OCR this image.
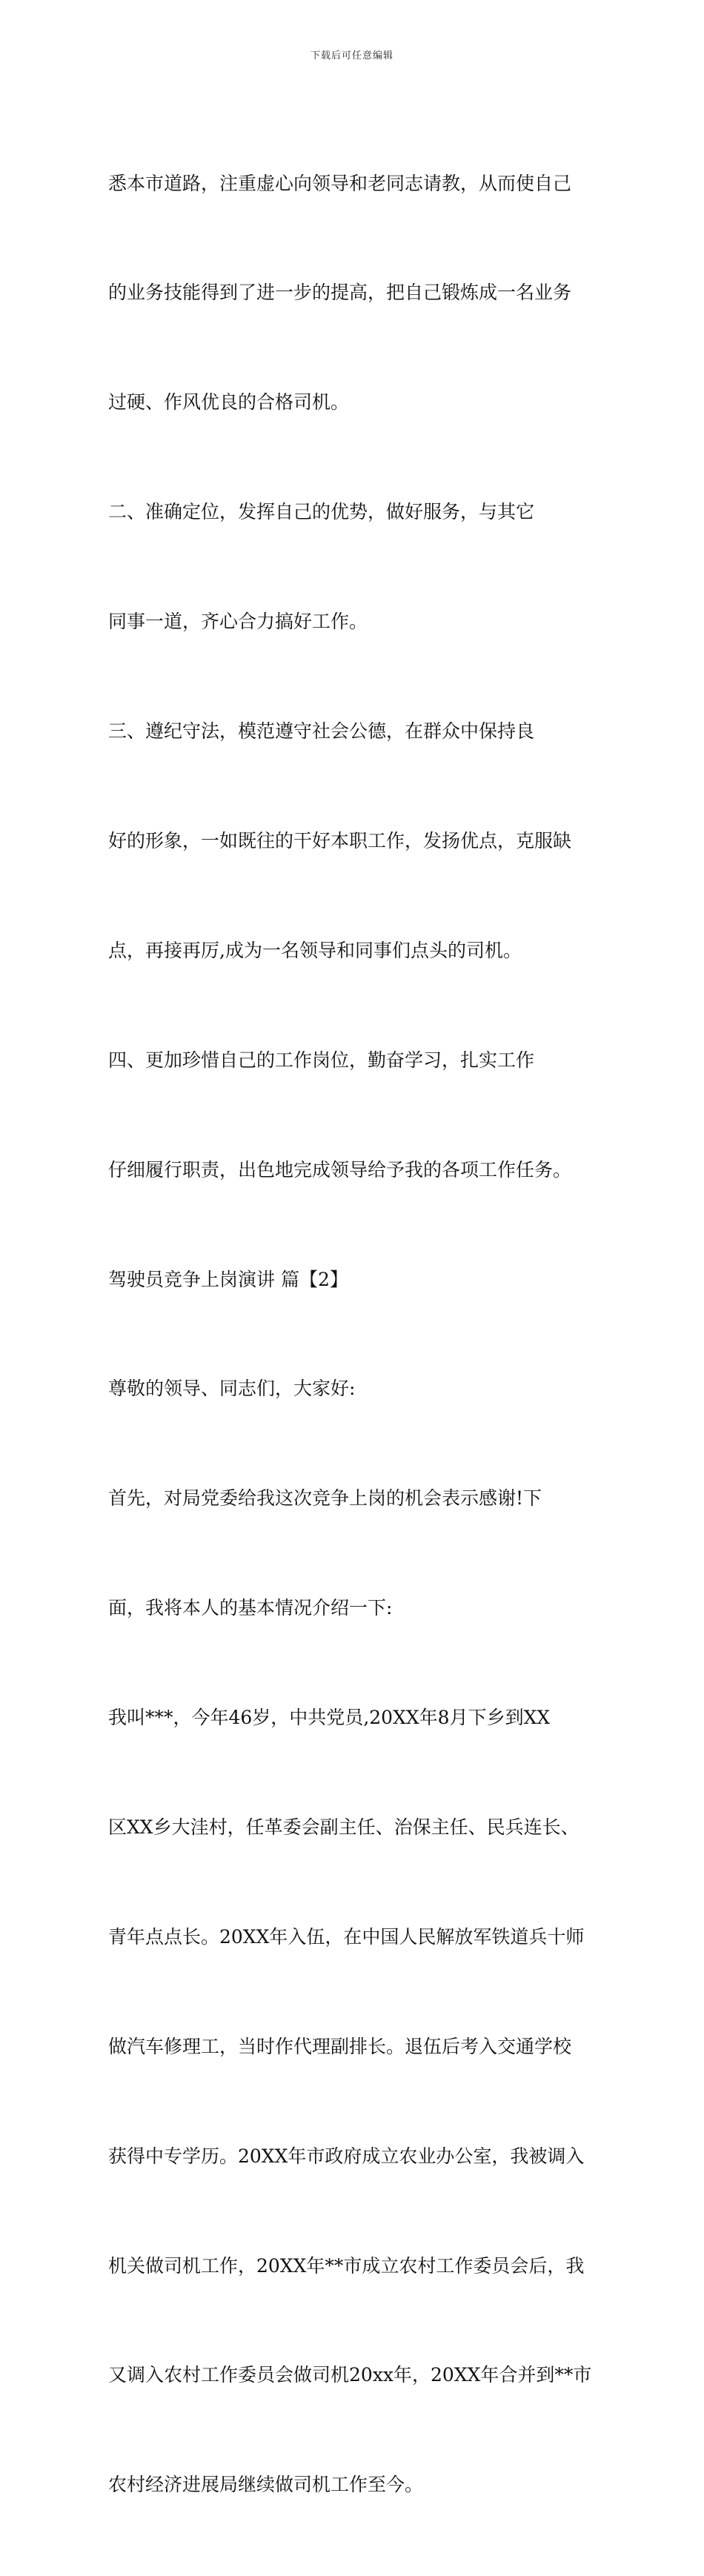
下载后可任意编辑

悉本市道路，注重虚心向领导和老同志请教，从而使自己

的业务技能得到了进一步的提高，把自己锻炼成一名业务

过硬、作风优良的合格司机。

二、准确定位，发挥自己的优势，做好服务，与其它

同事一道，齐心合力搞好工作。

三、遵纪守法，模范遵守社会公德，在群众中保持良

好的形象，一如既往的干好本职工作，发扬优点，克服缺

点，再接再厉,成为一名领导和同事们点头的司机。

四、更加珍惜自己的工作岗位，勤奋学习，扎实工作

仔细履行职责，出色地完成领导给予我的各项工作任务。

驾驶员竞争上岗演讲 篇【2】

尊敬的领导、同志们，大家好:

首先，对局党委给我这次竞争上岗的机会表示感谢!下

面，我将本人的基本情况介绍一下:

我叫***，今年46岁，中共党员,20XX年8月下乡到XX

区XX乡大洼村，任革委会副主任、治保主任、民兵连长、

青年点点长。20XX年入伍，在中国人民解放军铁道兵十师

做汽车修理工，当时作代理副排长。退伍后考入交通学校

获得中专学历。20XX年市政府成立农业办公室，我被调入

机关做司机工作，20XX年**市成立农村工作委员会后，我

又调入农村工作委员会做司机20xx年，20XX年合并到**市

农村经济进展局继续做司机工作至今。
